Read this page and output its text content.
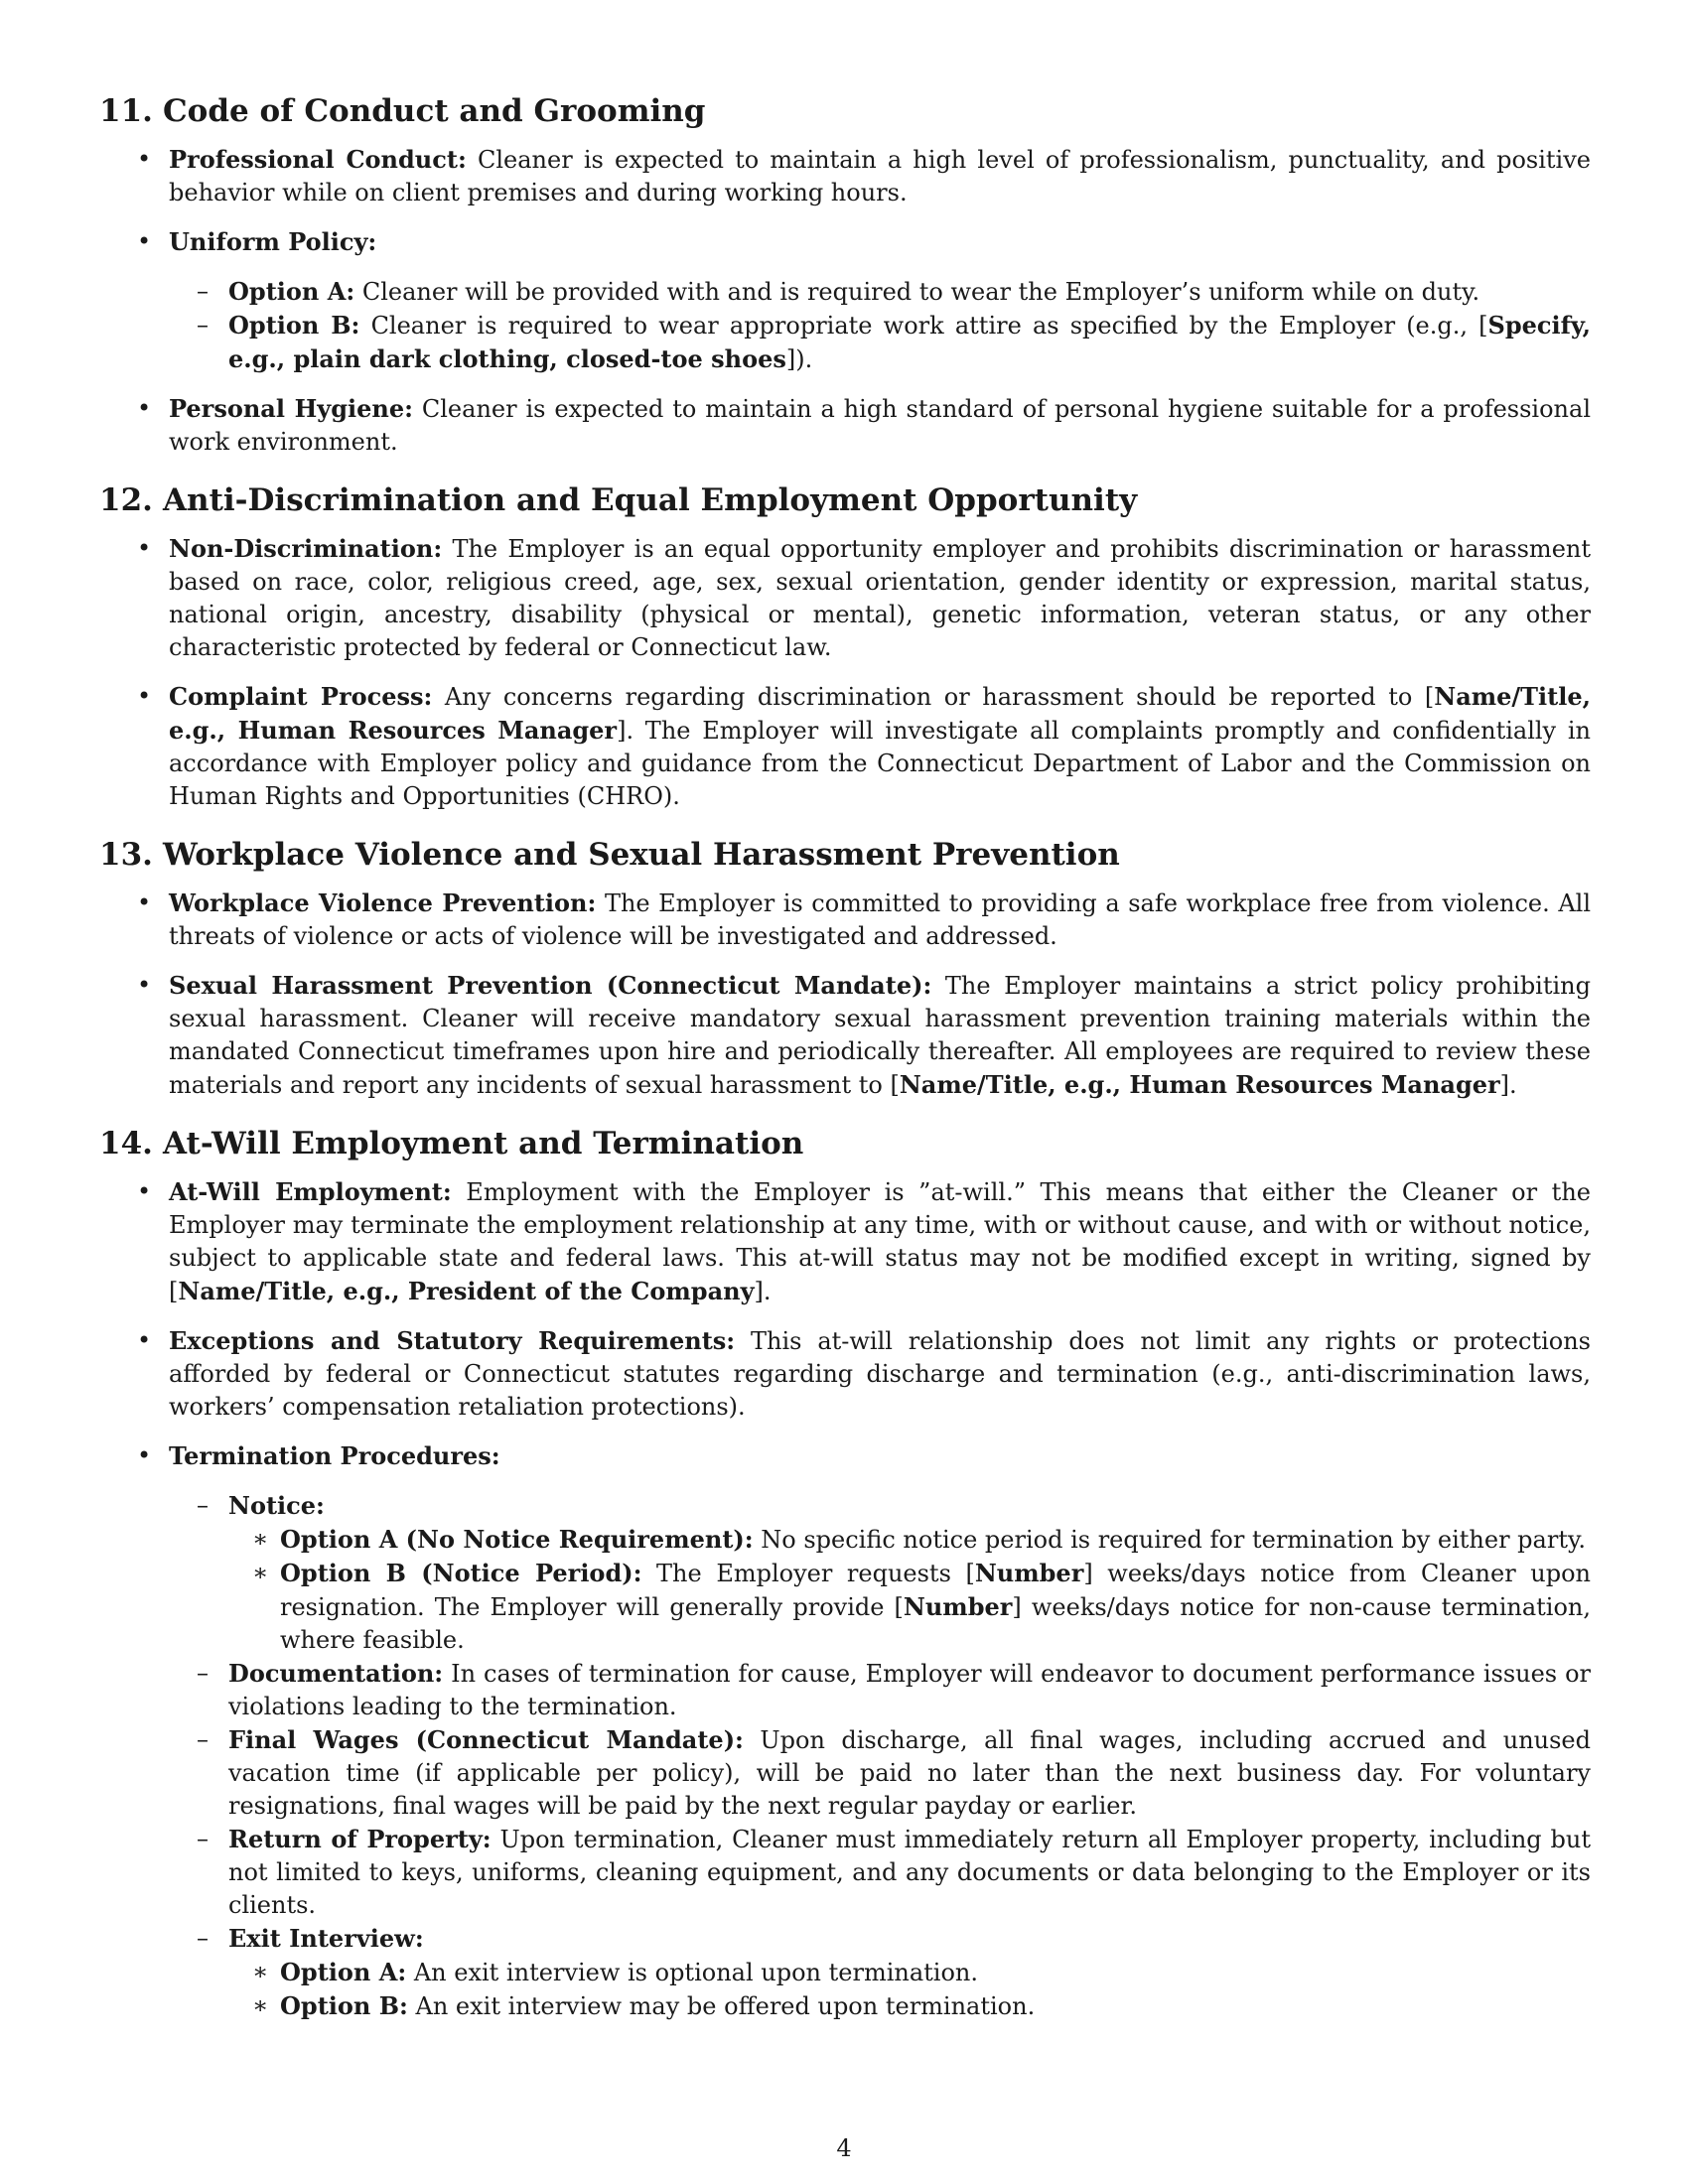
11. Code of Conduct and Grooming
• Professional Conduct: Cleaner is expected to maintain a high level of professionalism, punctuality, and positive behavior while on client premises and during working hours.
• Uniform Policy:
– Option A: Cleaner will be provided with and is required to wear the Employer’s uniform while on duty.
– Option B: Cleaner is required to wear appropriate work attire as specified by the Employer (e.g., [Specify, e.g., plain dark clothing, closed-toe shoes]).
• Personal Hygiene: Cleaner is expected to maintain a high standard of personal hygiene suitable for a professional work environment.
12. Anti-Discrimination and Equal Employment Opportunity
• Non-Discrimination: The Employer is an equal opportunity employer and prohibits discrimination or harassment based on race, color, religious creed, age, sex, sexual orientation, gender identity or expression, marital status, national origin, ancestry, disability (physical or mental), genetic information, veteran status, or any other characteristic protected by federal or Connecticut law.
• Complaint Process: Any concerns regarding discrimination or harassment should be reported to [Name/Title, e.g., Human Resources Manager]. The Employer will investigate all complaints promptly and confidentially in accordance with Employer policy and guidance from the Connecticut Department of Labor and the Commission on Human Rights and Opportunities (CHRO).
13. Workplace Violence and Sexual Harassment Prevention
• Workplace Violence Prevention: The Employer is committed to providing a safe workplace free from violence. All threats of violence or acts of violence will be investigated and addressed.
• Sexual Harassment Prevention (Connecticut Mandate): The Employer maintains a strict policy prohibiting sexual harassment. Cleaner will receive mandatory sexual harassment prevention training materials within the mandated Connecticut timeframes upon hire and periodically thereafter. All employees are required to review these materials and report any incidents of sexual harassment to [Name/Title, e.g., Human Resources Manager].
14. At-Will Employment and Termination
• At-Will Employment: Employment with the Employer is ”at-will.” This means that either the Cleaner or the Employer may terminate the employment relationship at any time, with or without cause, and with or without notice, subject to applicable state and federal laws. This at-will status may not be modified except in writing, signed by [Name/Title, e.g., President of the Company].
• Exceptions and Statutory Requirements: This at-will relationship does not limit any rights or protections afforded by federal or Connecticut statutes regarding discharge and termination (e.g., anti-discrimination laws, workers’ compensation retaliation protections).
• Termination Procedures:
– Notice:
∗ Option A (No Notice Requirement): No specific notice period is required for termination by either party.
∗ Option B (Notice Period): The Employer requests [Number] weeks/days notice from Cleaner upon resignation. The Employer will generally provide [Number] weeks/days notice for non-cause termination, where feasible.
– Documentation: In cases of termination for cause, Employer will endeavor to document performance issues or violations leading to the termination.
– Final Wages (Connecticut Mandate): Upon discharge, all final wages, including accrued and unused vacation time (if applicable per policy), will be paid no later than the next business day. For voluntary resignations, final wages will be paid by the next regular payday or earlier.
– Return of Property: Upon termination, Cleaner must immediately return all Employer property, including but not limited to keys, uniforms, cleaning equipment, and any documents or data belonging to the Employer or its clients.
– Exit Interview:
∗ Option A: An exit interview is optional upon termination.
∗ Option B: An exit interview may be offered upon termination.
4
